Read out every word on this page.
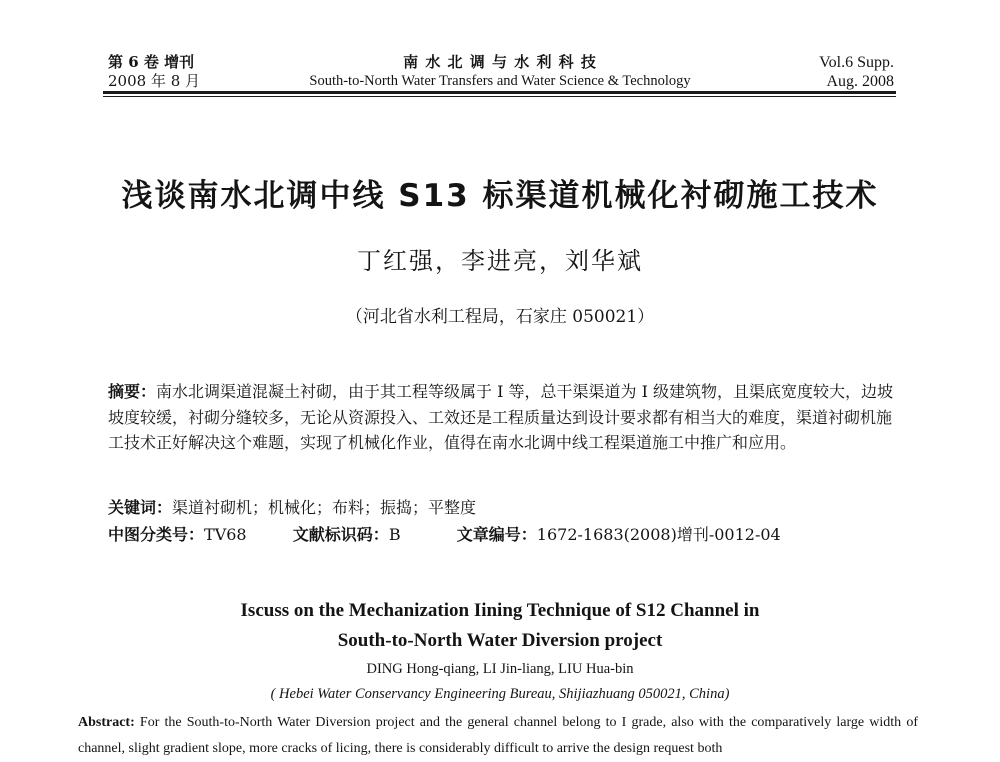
第 6 卷 增刊
2008 年 8 月
南 水 北 调 与 水 利 科 技
South-to-North Water Transfers and Water Science & Technology
Vol.6 Supp.
Aug. 2008
浅谈南水北调中线 S13 标渠道机械化衬砌施工技术
丁红强，李进亮，刘华斌
（河北省水利工程局，石家庄 050021）
摘要：南水北调渠道混凝土衬砌，由于其工程等级属于 I 等，总干渠渠道为 I 级建筑物，且渠底宽度较大，边坡坡度较缓，衬砌分缝较多，无论从资源投入、工效还是工程质量达到设计要求都有相当大的难度，渠道衬砌机施工技术正好解决这个难题，实现了机械化作业，值得在南水北调中线工程渠道施工中推广和应用。
关键词：渠道衬砌机；机械化；布料；振捣；平整度
中图分类号：TV68	文献标识码：B	文章编号：1672-1683(2008)增刊-0012-04
Iscuss on the Mechanization Iining Technique of S12 Channel in
South-to-North Water Diversion project
DING Hong-qiang, LI Jin-liang, LIU Hua-bin
( Hebei Water Conservancy Engineering Bureau, Shijiazhuang 050021, China)
Abstract: For the South-to-North Water Diversion project and the general channel belong to I grade, also with the comparatively large width of channel, slight gradient slope, more cracks of licing, there is considerably difficult to arrive the design request both
